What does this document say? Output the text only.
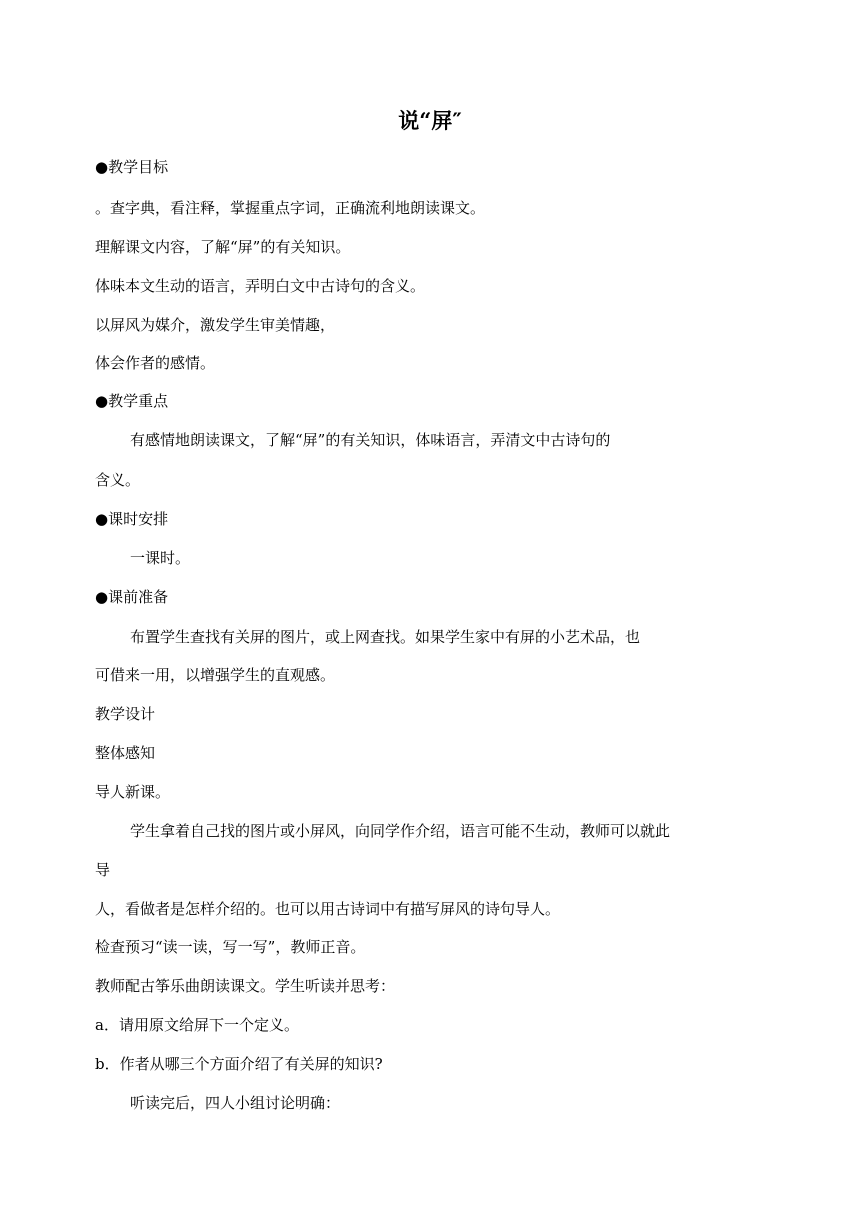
说“屏″
●教学目标
。查字典，看注释，掌握重点字词，正确流利地朗读课文。
理解课文内容，了解“屏”的有关知识。
体味本文生动的语言，弄明白文中古诗句的含义。
以屏风为媒介，激发学生审美情趣，
体会作者的感情。
●教学重点
有感情地朗读课文，了解“屏”的有关知识，体味语言，弄清文中古诗句的
含义。
●课时安排
一课时。
●课前准备
布置学生查找有关屏的图片，或上网查找。如果学生家中有屏的小艺术品，也
可借来一用，以增强学生的直观感。
教学设计
整体感知
导人新课。
学生拿着自己找的图片或小屏风，向同学作介绍，语言可能不生动，教师可以就此
导
人，看做者是怎样介绍的。也可以用古诗词中有描写屏风的诗句导人。
检查预习“读一读，写一写”，教师正音。
教师配古筝乐曲朗读课文。学生听读并思考：
a．请用原文给屏下一个定义。
b．作者从哪三个方面介绍了有关屏的知识?
听读完后，四人小组讨论明确：
